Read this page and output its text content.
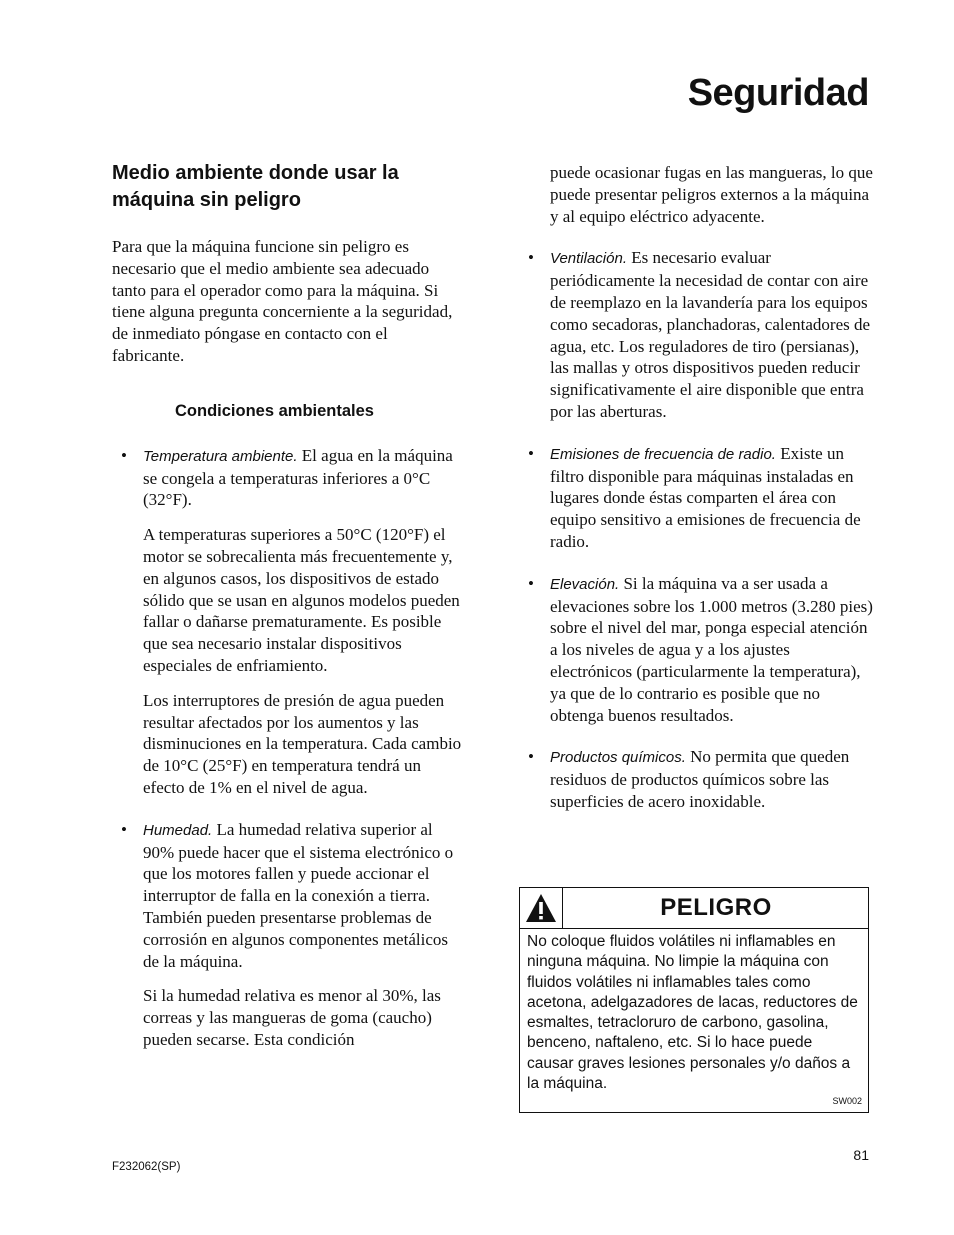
Seguridad
Medio ambiente donde usar la máquina sin peligro

Para que la máquina funcione sin peligro es necesario que el medio ambiente sea adecuado tanto para el operador como para la máquina. Si tiene alguna pregunta concerniente a la seguridad, de inmediato póngase en contacto con el fabricante.

Condiciones ambientales
• Temperatura ambiente. El agua en la máquina se congela a temperaturas inferiores a 0°C (32°F).

A temperaturas superiores a 50°C (120°F) el motor se sobrecalienta más frecuentemente y, en algunos casos, los dispositivos de estado sólido que se usan en algunos modelos pueden fallar o dañarse prematuramente. Es posible que sea necesario instalar dispositivos especiales de enfriamiento.

Los interruptores de presión de agua pueden resultar afectados por los aumentos y las disminuciones en la temperatura. Cada cambio de 10°C (25°F) en temperatura tendrá un efecto de 1% en el nivel de agua.

• Humedad. La humedad relativa superior al 90% puede hacer que el sistema electrónico o que los motores fallen y puede accionar el interruptor de falla en la conexión a tierra. También pueden presentarse problemas de corrosión en algunos componentes metálicos de la máquina.

Si la humedad relativa es menor al 30%, las correas y las mangueras de goma (caucho) pueden secarse. Esta condición

puede ocasionar fugas en las mangueras, lo que puede presentar peligros externos a la máquina y al equipo eléctrico adyacente.

• Ventilación. Es necesario evaluar periódicamente la necesidad de contar con aire de reemplazo en la lavandería para los equipos como secadoras, planchadoras, calentadores de agua, etc. Los reguladores de tiro (persianas), las mallas y otros dispositivos pueden reducir significativamente el aire disponible que entra por las aberturas.

• Emisiones de frecuencia de radio. Existe un filtro disponible para máquinas instaladas en lugares donde éstas comparten el área con equipo sensitivo a emisiones de frecuencia de radio.

• Elevación. Si la máquina va a ser usada a elevaciones sobre los 1.000 metros (3.280 pies) sobre el nivel del mar, ponga especial atención a los niveles de agua y a los ajustes electrónicos (particularmente la temperatura), ya que de lo contrario es posible que no obtenga buenos resultados.

• Productos químicos. No permita que queden residuos de productos químicos sobre las superficies de acero inoxidable.

PELIGRO
No coloque fluidos volátiles ni inflamables en ninguna máquina. No limpie la máquina con fluidos volátiles ni inflamables tales como acetona, adelgazadores de lacas, reductores de esmaltes, tetracloruro de carbono, gasolina, benceno, naftaleno, etc. Si lo hace puede causar graves lesiones personales y/o daños a la máquina.
SW002
81
F232062(SP)
